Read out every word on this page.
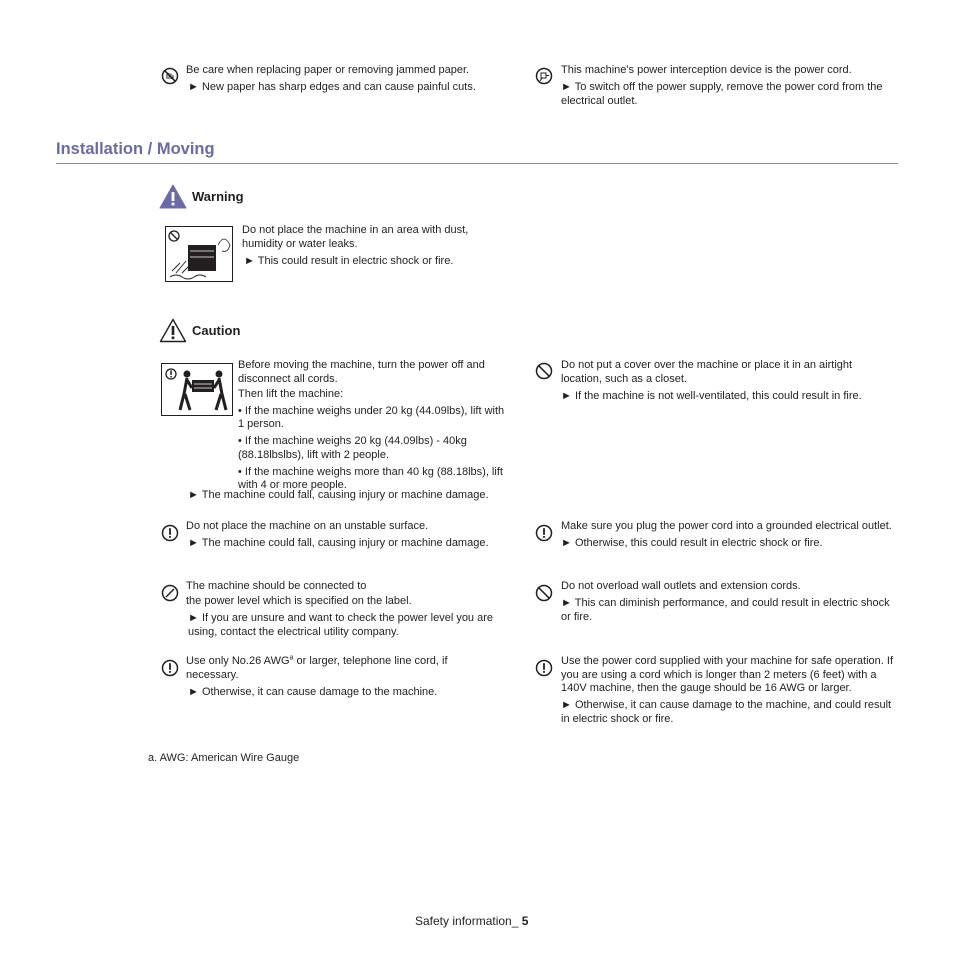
Be care when replacing paper or removing jammed paper.

► New paper has sharp edges and can cause painful cuts.

This machine's power interception device is the power cord.

► To switch off the power supply, remove the power cord from the electrical outlet.

Installation / Moving
Warning

Do not place the machine in an area with dust, humidity or water leaks.

► This could result in electric shock or fire.

Caution

Before moving the machine, turn the power off and disconnect all cords.

Then lift the machine:

• If the machine weighs under 20 kg (44.09lbs), lift with 1 person.

• If the machine weighs 20 kg (44.09lbs) - 40kg (88.18lbslbs), lift with 2 people.

• If the machine weighs more than 40 kg (88.18lbs), lift with 4 or more people.

► The machine could fall, causing injury or machine damage.

Do not put a cover over the machine or place it in an airtight location, such as a closet.

► If the machine is not well-ventilated, this could result in fire.

Do not place the machine on an unstable surface.

► The machine could fall, causing injury or machine damage.

Make sure you plug the power cord into a grounded electrical outlet.

► Otherwise, this could result in electric shock or fire.

The machine should be connected to

the power level which is specified on the label.

► If you are unsure and want to check the power level you are using, contact the electrical utility company.

Do not overload wall outlets and extension cords.

► This can diminish performance, and could result in electric shock or fire.

Use only No.26 AWG$^a$ or larger, telephone line cord, if necessary.

► Otherwise, it can cause damage to the machine.

Use the power cord supplied with your machine for safe operation. If you are using a cord which is longer than 2 meters (6 feet) with a 140V machine, then the gauge should be 16 AWG or larger.

► Otherwise, it can cause damage to the machine, and could result in electric shock or fire.

a. AWG: American Wire Gauge
Safety information_ 5
